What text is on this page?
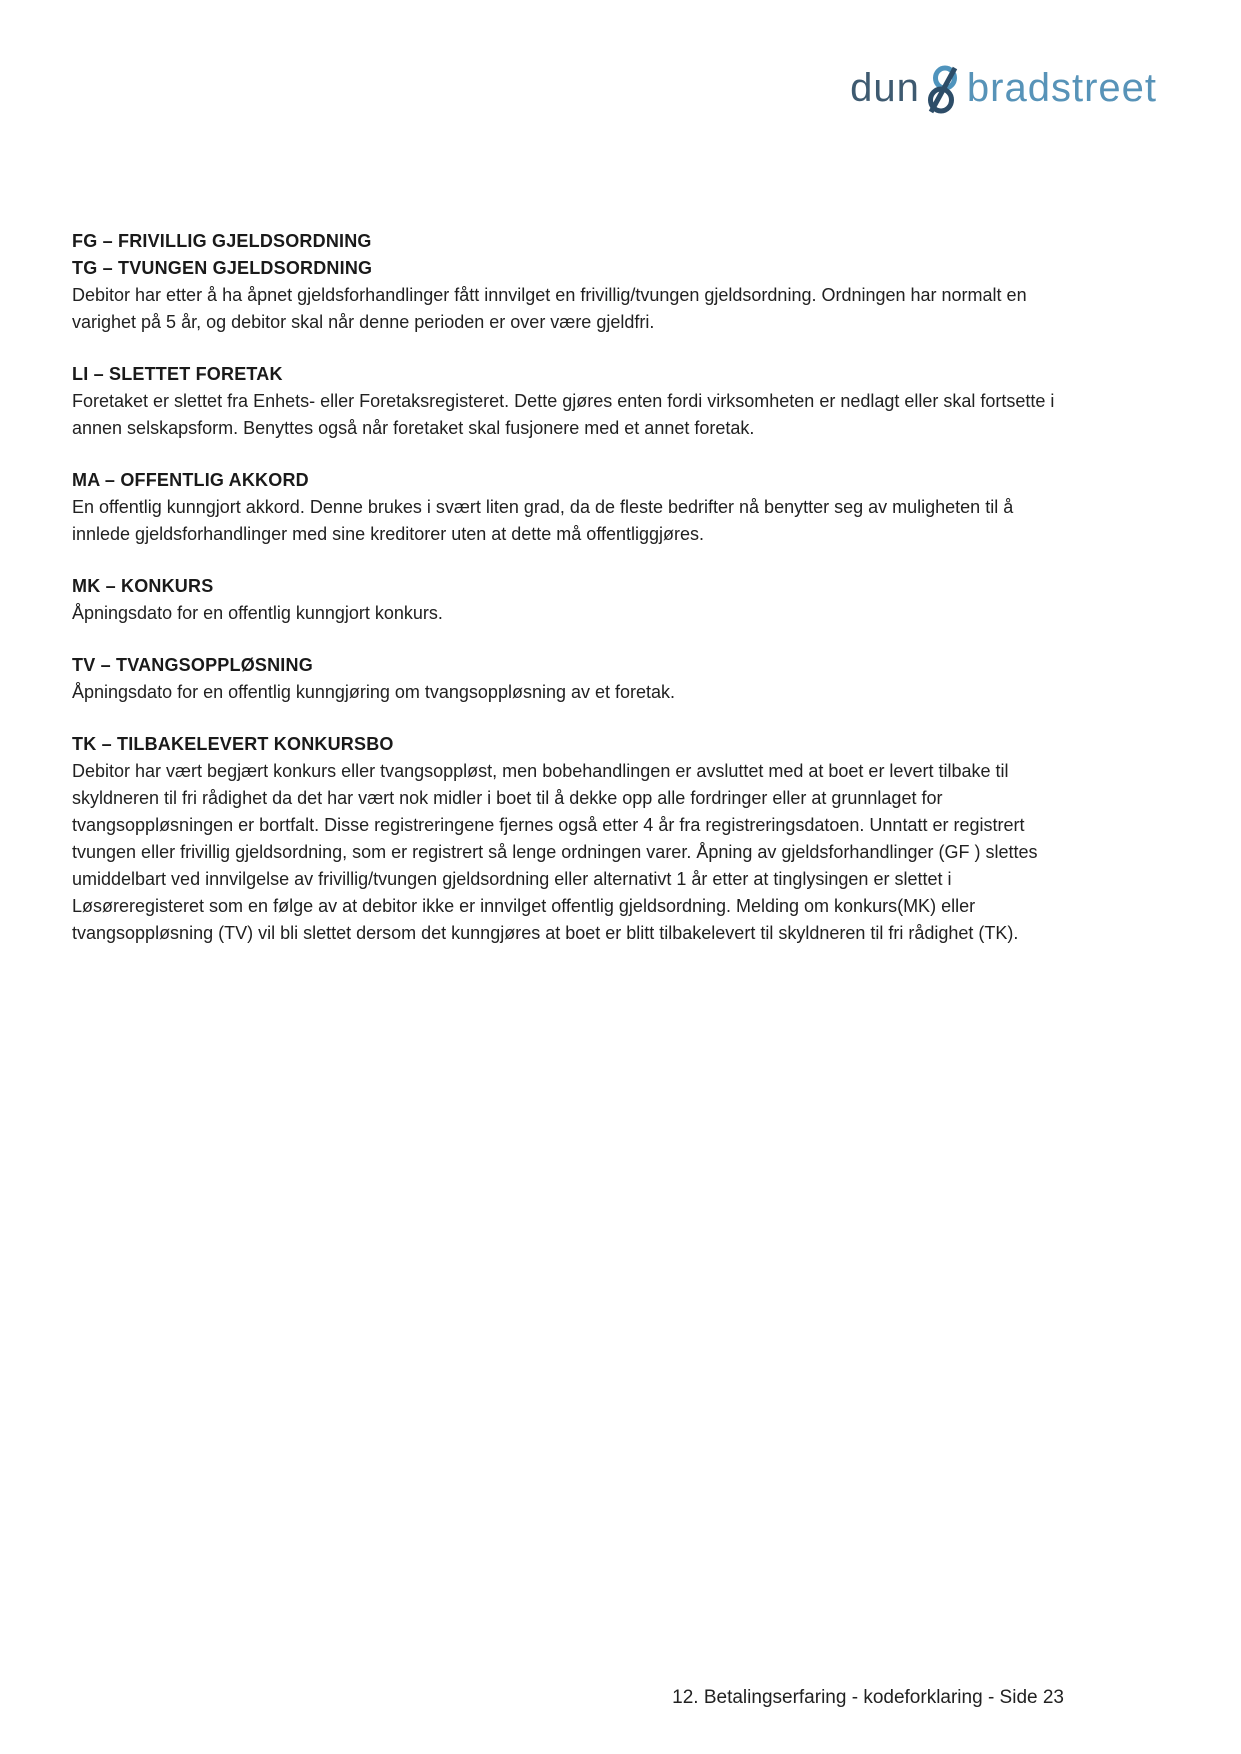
dun bradstreet
FG – FRIVILLIG GJELDSORDNING
TG – TVUNGEN GJELDSORDNING

Debitor har etter å ha åpnet gjeldsforhandlinger fått innvilget en frivillig/tvungen gjeldsordning. Ordningen har normalt en varighet på 5 år, og debitor skal når denne perioden er over være gjeldfri.

LI – SLETTET FORETAK

Foretaket er slettet fra Enhets- eller Foretaksregisteret. Dette gjøres enten fordi virksomheten er nedlagt eller skal fortsette i annen selskapsform. Benyttes også når foretaket skal fusjonere med et annet foretak.

MA – OFFENTLIG AKKORD

En offentlig kunngjort akkord. Denne brukes i svært liten grad, da de fleste bedrifter nå benytter seg av muligheten til å innlede gjeldsforhandlinger med sine kreditorer uten at dette må offentliggjøres.

MK – KONKURS

Åpningsdato for en offentlig kunngjort konkurs.

TV – TVANGSOPPLØSNING

Åpningsdato for en offentlig kunngjøring om tvangsoppløsning av et foretak.

TK – TILBAKELEVERT KONKURSBO

Debitor har vært begjært konkurs eller tvangsoppløst, men bobehandlingen er avsluttet med at boet er levert tilbake til skyldneren til fri rådighet da det har vært nok midler i boet til å dekke opp alle fordringer eller at grunnlaget for tvangsoppløsningen er bortfalt. Disse registreringene fjernes også etter 4 år fra registreringsdatoen. Unntatt er registrert tvungen eller frivillig gjeldsordning, som er registrert så lenge ordningen varer. Åpning av gjeldsforhandlinger (GF ) slettes umiddelbart ved innvilgelse av frivillig/tvungen gjeldsordning eller alternativt 1 år etter at tinglysingen er slettet i Løsøreregisteret som en følge av at debitor ikke er innvilget offentlig gjeldsordning. Melding om konkurs(MK) eller tvangsoppløsning (TV) vil bli slettet dersom det kunngjøres at boet er blitt tilbakelevert til skyldneren til fri rådighet (TK).

12. Betalingserfaring - kodeforklaring - Side 23
